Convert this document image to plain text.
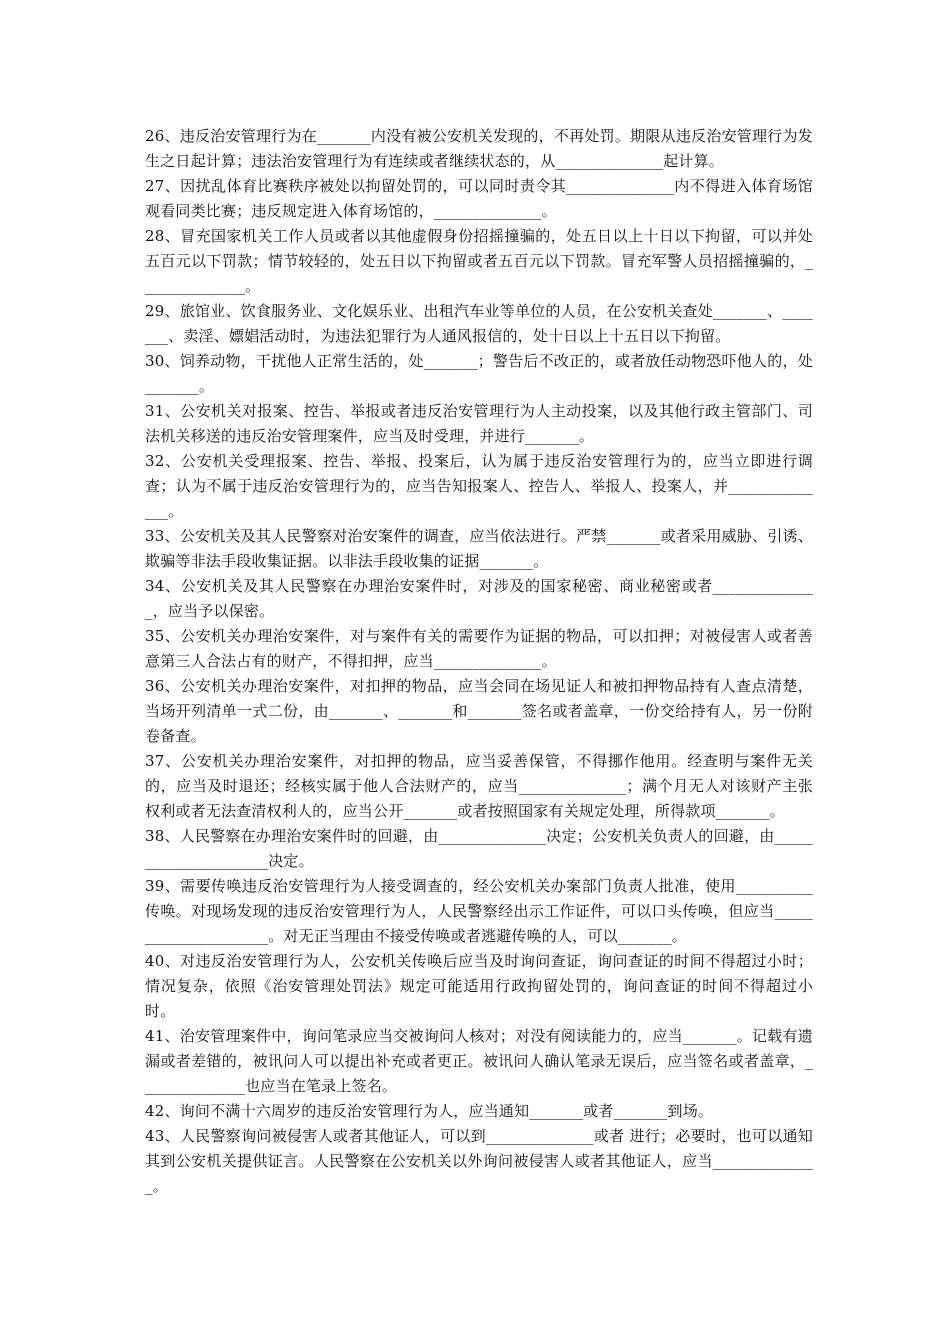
26、违反治安管理行为在_______内没有被公安机关发现的，不再处罚。期限从违反治安管理行为发生之日起计算；违法治安管理行为有连续或者继续状态的，从______________起计算。

27、因扰乱体育比赛秩序被处以拘留处罚的，可以同时责令其______________内不得进入体育场馆观看同类比赛；违反规定进入体育场馆的，______________。

28、冒充国家机关工作人员或者以其他虚假身份招摇撞骗的，处五日以上十日以下拘留，可以并处五百元以下罚款；情节较轻的，处五日以下拘留或者五百元以下罚款。冒充军警人员招摇撞骗的，______________。

29、旅馆业、饮食服务业、文化娱乐业、出租汽车业等单位的人员，在公安机关查处_______、_______、卖淫、嫖娼活动时，为违法犯罪行为人通风报信的，处十日以上十五日以下拘留。

30、饲养动物，干扰他人正常生活的，处_______；警告后不改正的，或者放任动物恐吓他人的，处_______。

31、公安机关对报案、控告、举报或者违反治安管理行为人主动投案，以及其他行政主管部门、司法机关移送的违反治安管理案件，应当及时受理，并进行_______。

32、公安机关受理报案、控告、举报、投案后，认为属于违反治安管理行为的，应当立即进行调查；认为不属于违反治安管理行为的，应当告知报案人、控告人、举报人、投案人，并______________。

33、公安机关及其人民警察对治安案件的调查，应当依法进行。严禁_______或者采用威胁、引诱、欺骗等非法手段收集证据。以非法手段收集的证据_______。

34、公安机关及其人民警察在办理治安案件时，对涉及的国家秘密、商业秘密或者______________，应当予以保密。

35、公安机关办理治安案件，对与案件有关的需要作为证据的物品，可以扣押；对被侵害人或者善意第三人合法占有的财产，不得扣押，应当______________。

36、公安机关办理治安案件，对扣押的物品，应当会同在场见证人和被扣押物品持有人查点清楚，当场开列清单一式二份，由_______、_______和_______签名或者盖章，一份交给持有人，另一份附卷备查。

37、公安机关办理治安案件，对扣押的物品，应当妥善保管，不得挪作他用。经查明与案件无关的，应当及时退还；经核实属于他人合法财产的，应当______________；满个月无人对该财产主张权利或者无法查清权利人的，应当公开_______或者按照国家有关规定处理，所得款项_______。

38、人民警察在办理治安案件时的回避，由______________决定；公安机关负责人的回避，由_____________________决定。

39、需要传唤违反治安管理行为人接受调查的，经公安机关办案部门负责人批准，使用__________传唤。对现场发现的违反治安管理行为人，人民警察经出示工作证件，可以口头传唤，但应当_____________________。对无正当理由不接受传唤或者逃避传唤的人，可以_______。

40、对违反治安管理行为人，公安机关传唤后应当及时询问查证，询问查证的时间不得超过小时；情况复杂，依照《治安管理处罚法》规定可能适用行政拘留处罚的，询问查证的时间不得超过小时。

41、治安管理案件中，询问笔录应当交被询问人核对；对没有阅读能力的，应当_______。记载有遗漏或者差错的，被讯问人可以提出补充或者更正。被讯问人确认笔录无误后，应当签名或者盖章，______________也应当在笔录上签名。

42、询问不满十六周岁的违反治安管理行为人，应当通知_______或者_______到场。

43、人民警察询问被侵害人或者其他证人，可以到______________或者 进行；必要时，也可以通知其到公安机关提供证言。人民警察在公安机关以外询问被侵害人或者其他证人，应当______________。
